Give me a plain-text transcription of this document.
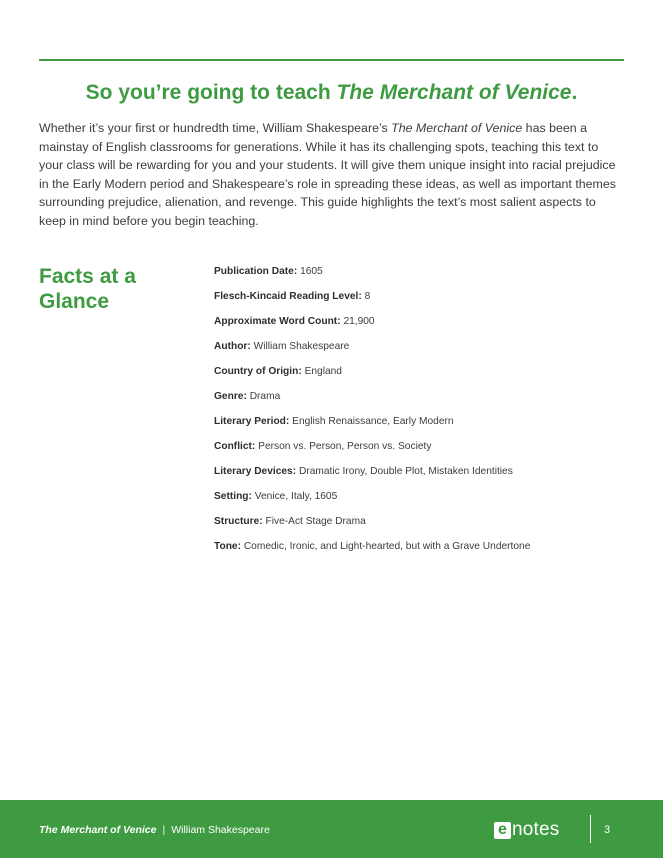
So you’re going to teach The Merchant of Venice.

Whether it’s your first or hundredth time, William Shakespeare’s The Merchant of Venice has been a mainstay of English classrooms for generations. While it has its challenging spots, teaching this text to your class will be rewarding for you and your students. It will give them unique insight into racial prejudice in the Early Modern period and Shakespeare’s role in spreading these ideas, as well as important themes surrounding prejudice, alienation, and revenge. This guide highlights the text’s most salient aspects to keep in mind before you begin teaching.

Facts at a Glance
Publication Date: 1605
Flesch-Kincaid Reading Level: 8
Approximate Word Count: 21,900
Author: William Shakespeare
Country of Origin: England
Genre: Drama
Literary Period: English Renaissance, Early Modern
Conflict: Person vs. Person, Person vs. Society
Literary Devices: Dramatic Irony, Double Plot, Mistaken Identities
Setting: Venice, Italy, 1605
Structure: Five-Act Stage Drama
Tone: Comedic, Ironic, and Light-hearted, but with a Grave Undertone
The Merchant of Venice | William Shakespeare	e notes	3
